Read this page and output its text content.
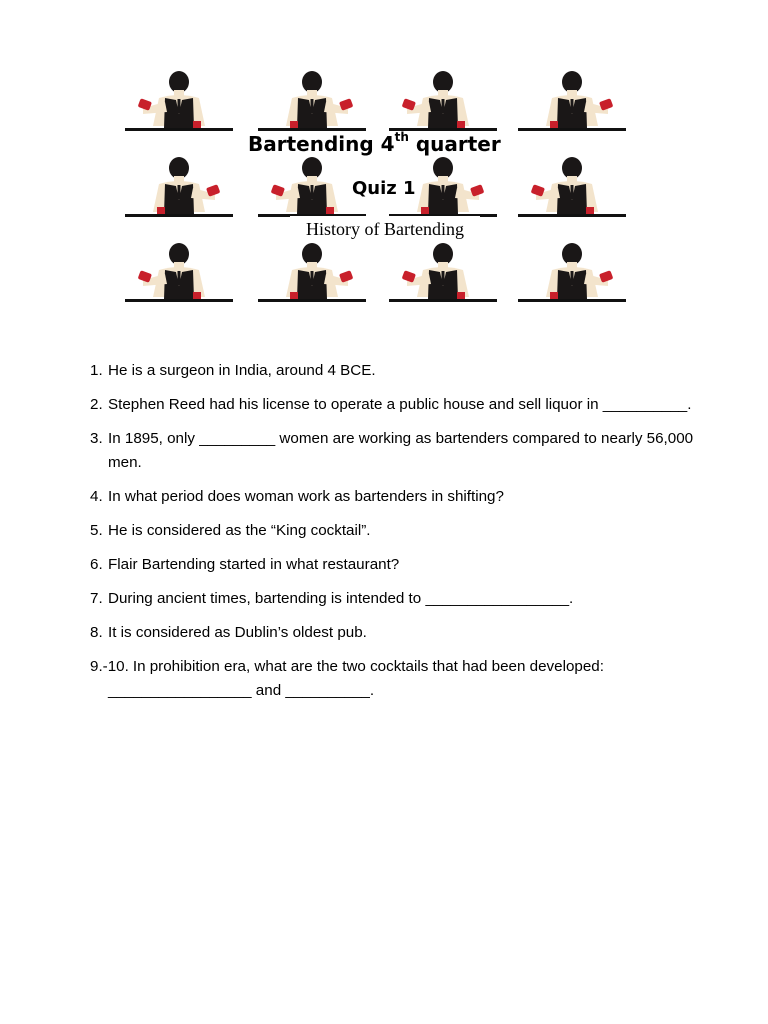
Bartending 4th quarter
Quiz 1
History of Bartending
1. He is a surgeon in India, around 4 BCE.
2. Stephen Reed had his license to operate a public house and sell liquor in __________.
3. In 1895, only _________ women are working as bartenders compared to nearly 56,000 men.
4. In what period does woman work as bartenders in shifting?
5. He is considered as the “King cocktail”.
6. Flair Bartending started in what restaurant?
7. During ancient times, bartending is intended to _________________.
8. It is considered as Dublin’s oldest pub.
9.-10. In prohibition era, what are the two cocktails that had been developed:
_________________ and __________.
